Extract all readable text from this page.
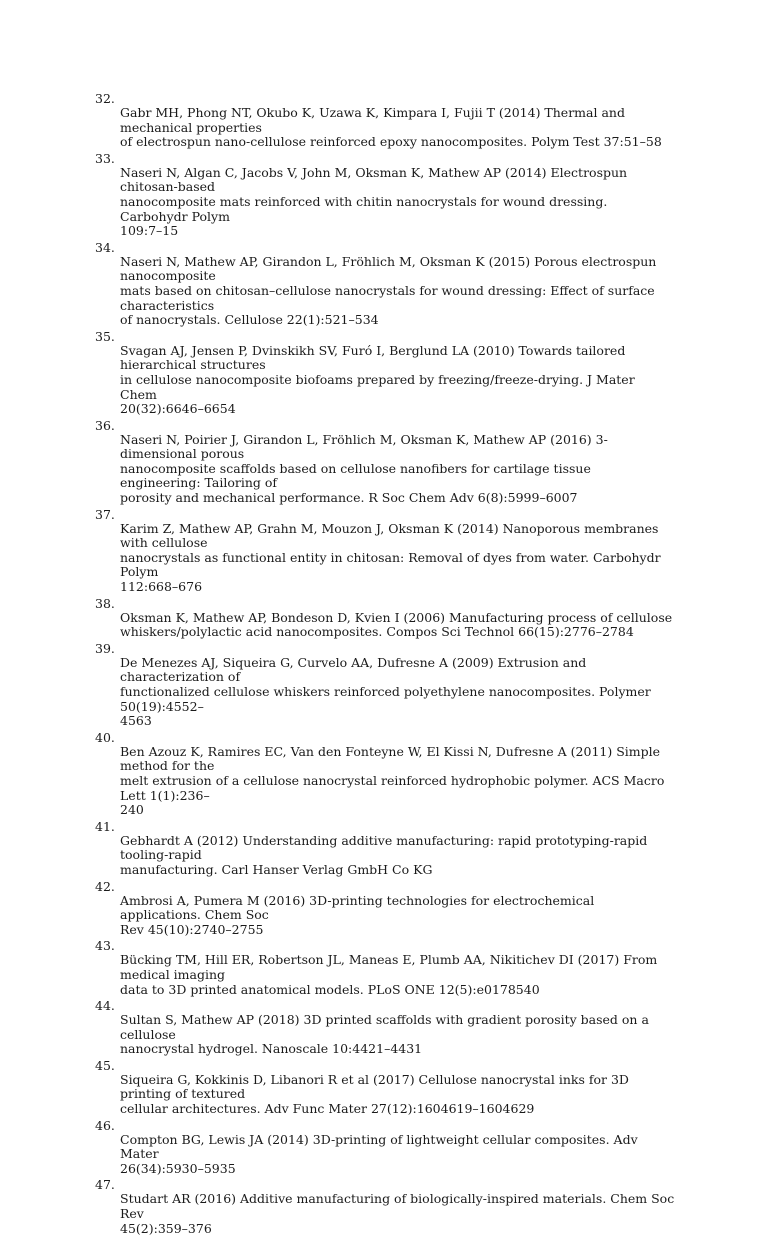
32.
Gabr MH, Phong NT, Okubo K, Uzawa K, Kimpara I, Fujii T (2014) Thermal and mechanical properties
of electrospun nano-cellulose reinforced epoxy nanocomposites. Polym Test 37:51–58
33.
Naseri N, Algan C, Jacobs V, John M, Oksman K, Mathew AP (2014) Electrospun chitosan-based
nanocomposite mats reinforced with chitin nanocrystals for wound dressing. Carbohydr Polym
109:7–15
34.
Naseri N, Mathew AP, Girandon L, Fröhlich M, Oksman K (2015) Porous electrospun nanocomposite
mats based on chitosan–cellulose nanocrystals for wound dressing: Effect of surface characteristics
of nanocrystals. Cellulose 22(1):521–534
35.
Svagan AJ, Jensen P, Dvinskikh SV, Furó I, Berglund LA (2010) Towards tailored hierarchical structures
in cellulose nanocomposite biofoams prepared by freezing/freeze-drying. J Mater Chem
20(32):6646–6654
36.
Naseri N, Poirier J, Girandon L, Fröhlich M, Oksman K, Mathew AP (2016) 3-dimensional porous
nanocomposite scaffolds based on cellulose nanofibers for cartilage tissue engineering: Tailoring of
porosity and mechanical performance. R Soc Chem Adv 6(8):5999–6007
37.
Karim Z, Mathew AP, Grahn M, Mouzon J, Oksman K (2014) Nanoporous membranes with cellulose
nanocrystals as functional entity in chitosan: Removal of dyes from water. Carbohydr Polym
112:668–676
38.
Oksman K, Mathew AP, Bondeson D, Kvien I (2006) Manufacturing process of cellulose
whiskers/polylactic acid nanocomposites. Compos Sci Technol 66(15):2776–2784
39.
De Menezes AJ, Siqueira G, Curvelo AA, Dufresne A (2009) Extrusion and characterization of
functionalized cellulose whiskers reinforced polyethylene nanocomposites. Polymer 50(19):4552–
4563
40.
Ben Azouz K, Ramires EC, Van den Fonteyne W, El Kissi N, Dufresne A (2011) Simple method for the
melt extrusion of a cellulose nanocrystal reinforced hydrophobic polymer. ACS Macro Lett 1(1):236–
240
41.
Gebhardt A (2012) Understanding additive manufacturing: rapid prototyping-rapid tooling-rapid
manufacturing. Carl Hanser Verlag GmbH Co KG
42.
Ambrosi A, Pumera M (2016) 3D-printing technologies for electrochemical applications. Chem Soc
Rev 45(10):2740–2755
43.
Bücking TM, Hill ER, Robertson JL, Maneas E, Plumb AA, Nikitichev DI (2017) From medical imaging
data to 3D printed anatomical models. PLoS ONE 12(5):e0178540
44.
Sultan S, Mathew AP (2018) 3D printed scaffolds with gradient porosity based on a cellulose
nanocrystal hydrogel. Nanoscale 10:4421–4431
45.
Siqueira G, Kokkinis D, Libanori R et al (2017) Cellulose nanocrystal inks for 3D printing of textured
cellular architectures. Adv Func Mater 27(12):1604619–1604629
46.
Compton BG, Lewis JA (2014) 3D-printing of lightweight cellular composites. Adv Mater
26(34):5930–5935
47.
Studart AR (2016) Additive manufacturing of biologically-inspired materials. Chem Soc Rev
45(2):359–376
